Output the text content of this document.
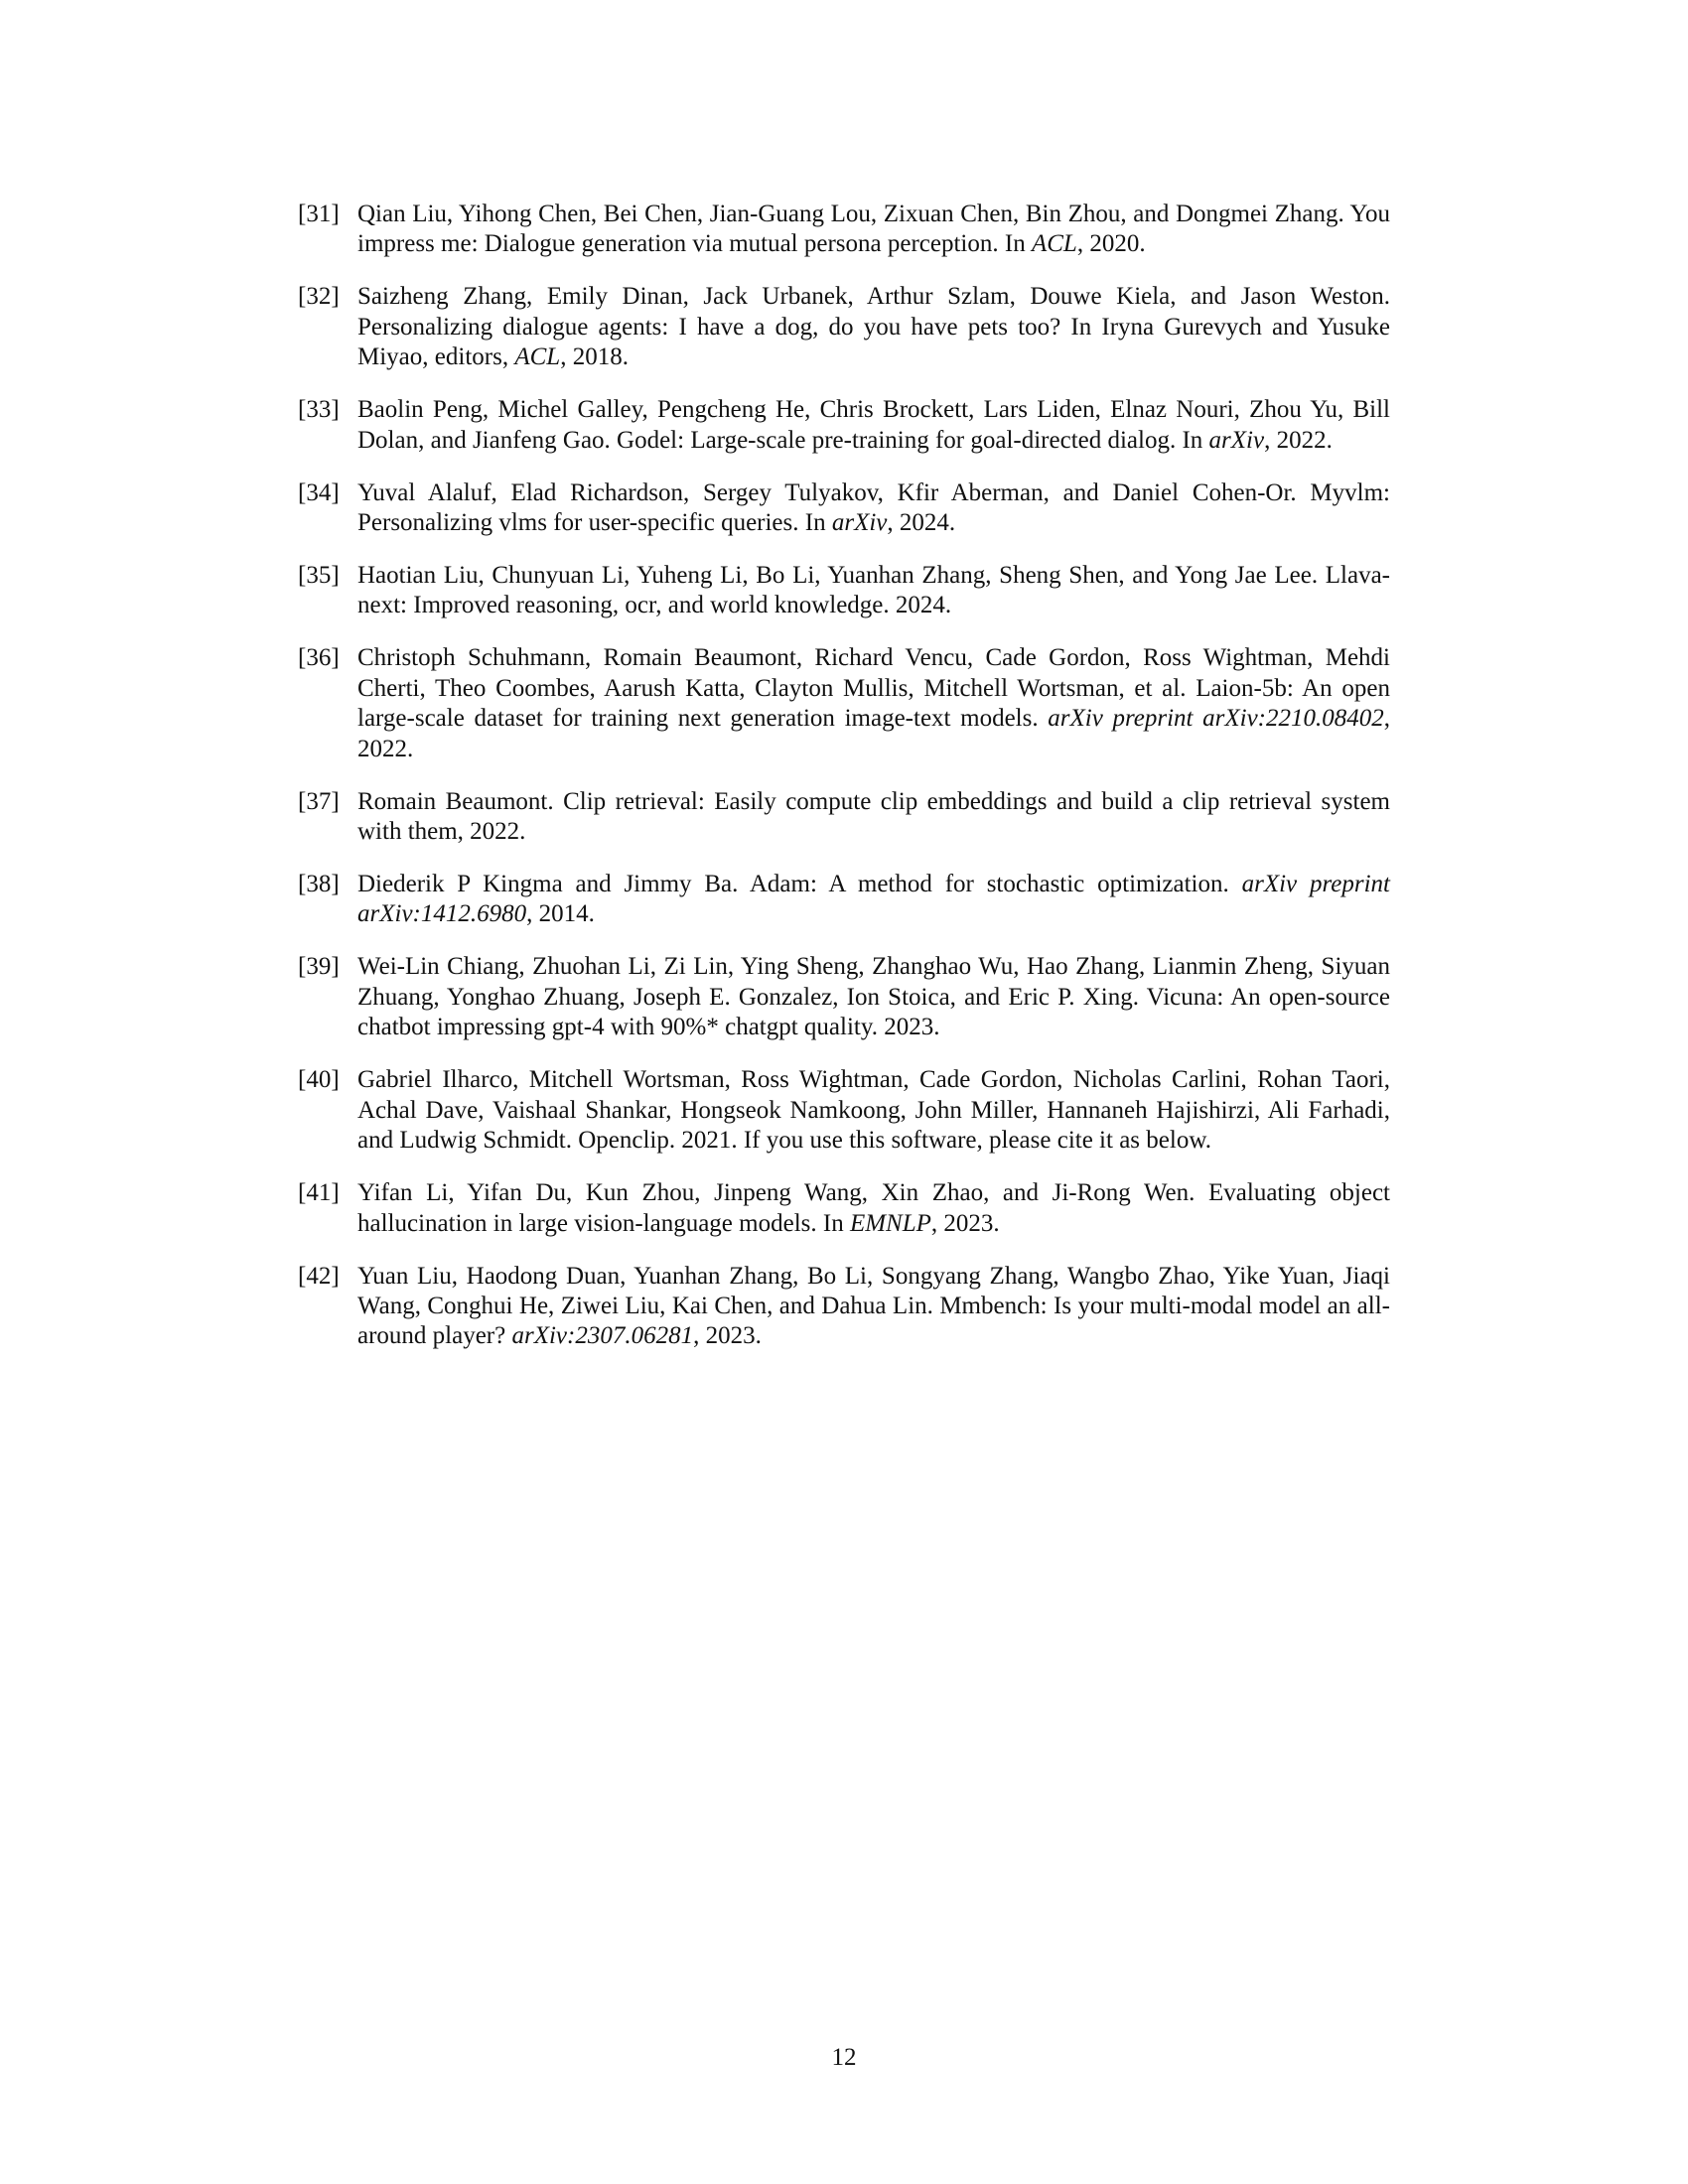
[31] Qian Liu, Yihong Chen, Bei Chen, Jian-Guang Lou, Zixuan Chen, Bin Zhou, and Dongmei Zhang. You impress me: Dialogue generation via mutual persona perception. In ACL, 2020.
[32] Saizheng Zhang, Emily Dinan, Jack Urbanek, Arthur Szlam, Douwe Kiela, and Jason Weston. Personalizing dialogue agents: I have a dog, do you have pets too? In Iryna Gurevych and Yusuke Miyao, editors, ACL, 2018.
[33] Baolin Peng, Michel Galley, Pengcheng He, Chris Brockett, Lars Liden, Elnaz Nouri, Zhou Yu, Bill Dolan, and Jianfeng Gao. Godel: Large-scale pre-training for goal-directed dialog. In arXiv, 2022.
[34] Yuval Alaluf, Elad Richardson, Sergey Tulyakov, Kfir Aberman, and Daniel Cohen-Or. Myvlm: Personalizing vlms for user-specific queries. In arXiv, 2024.
[35] Haotian Liu, Chunyuan Li, Yuheng Li, Bo Li, Yuanhan Zhang, Sheng Shen, and Yong Jae Lee. Llava-next: Improved reasoning, ocr, and world knowledge. 2024.
[36] Christoph Schuhmann, Romain Beaumont, Richard Vencu, Cade Gordon, Ross Wightman, Mehdi Cherti, Theo Coombes, Aarush Katta, Clayton Mullis, Mitchell Wortsman, et al. Laion-5b: An open large-scale dataset for training next generation image-text models. arXiv preprint arXiv:2210.08402, 2022.
[37] Romain Beaumont. Clip retrieval: Easily compute clip embeddings and build a clip retrieval system with them, 2022.
[38] Diederik P Kingma and Jimmy Ba. Adam: A method for stochastic optimization. arXiv preprint arXiv:1412.6980, 2014.
[39] Wei-Lin Chiang, Zhuohan Li, Zi Lin, Ying Sheng, Zhanghao Wu, Hao Zhang, Lianmin Zheng, Siyuan Zhuang, Yonghao Zhuang, Joseph E. Gonzalez, Ion Stoica, and Eric P. Xing. Vicuna: An open-source chatbot impressing gpt-4 with 90%* chatgpt quality. 2023.
[40] Gabriel Ilharco, Mitchell Wortsman, Ross Wightman, Cade Gordon, Nicholas Carlini, Rohan Taori, Achal Dave, Vaishaal Shankar, Hongseok Namkoong, John Miller, Hannaneh Hajishirzi, Ali Farhadi, and Ludwig Schmidt. Openclip. 2021. If you use this software, please cite it as below.
[41] Yifan Li, Yifan Du, Kun Zhou, Jinpeng Wang, Xin Zhao, and Ji-Rong Wen. Evaluating object hallucination in large vision-language models. In EMNLP, 2023.
[42] Yuan Liu, Haodong Duan, Yuanhan Zhang, Bo Li, Songyang Zhang, Wangbo Zhao, Yike Yuan, Jiaqi Wang, Conghui He, Ziwei Liu, Kai Chen, and Dahua Lin. Mmbench: Is your multi-modal model an all-around player? arXiv:2307.06281, 2023.
12
